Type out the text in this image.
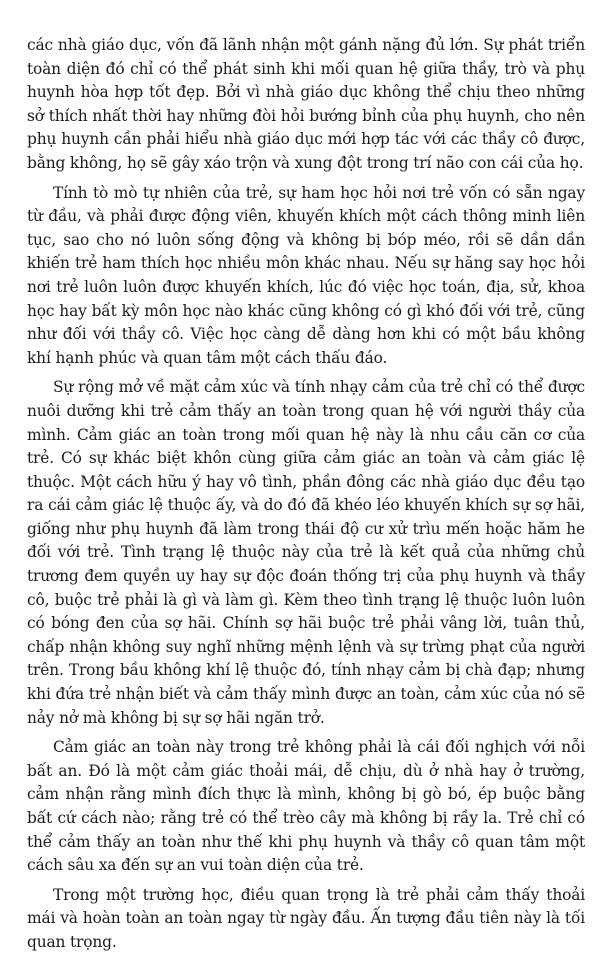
các nhà giáo dục, vốn đã lãnh nhận một gánh nặng đủ lớn. Sự phát triển toàn diện đó chỉ có thể phát sinh khi mối quan hệ giữa thầy, trò và phụ huynh hòa hợp tốt đẹp. Bởi vì nhà giáo dục không thể chịu theo những sở thích nhất thời hay những đòi hỏi bướng bỉnh của phụ huynh, cho nên phụ huynh cần phải hiểu nhà giáo dục mới hợp tác với các thầy cô được, bằng không, họ sẽ gây xáo trộn và xung đột trong trí não con cái của họ.

Tính tò mò tự nhiên của trẻ, sự ham học hỏi nơi trẻ vốn có sẵn ngay từ đầu, và phải được động viên, khuyến khích một cách thông minh liên tục, sao cho nó luôn sống động và không bị bóp méo, rồi sẽ dần dần khiến trẻ ham thích học nhiều môn khác nhau. Nếu sự hăng say học hỏi nơi trẻ luôn luôn được khuyến khích, lúc đó việc học toán, địa, sử, khoa học hay bất kỳ môn học nào khác cũng không có gì khó đối với trẻ, cũng như đối với thầy cô. Việc học càng dễ dàng hơn khi có một bầu không khí hạnh phúc và quan tâm một cách thấu đáo.

Sự rộng mở về mặt cảm xúc và tính nhạy cảm của trẻ chỉ có thể được nuôi dưỡng khi trẻ cảm thấy an toàn trong quan hệ với người thầy của mình. Cảm giác an toàn trong mối quan hệ này là nhu cầu căn cơ của trẻ. Có sự khác biệt khôn cùng giữa cảm giác an toàn và cảm giác lệ thuộc. Một cách hữu ý hay vô tình, phần đông các nhà giáo dục đều tạo ra cái cảm giác lệ thuộc ấy, và do đó đã khéo léo khuyến khích sự sợ hãi, giống như phụ huynh đã làm trong thái độ cư xử trìu mến hoặc hăm he đối với trẻ. Tình trạng lệ thuộc này của trẻ là kết quả của những chủ trương đem quyền uy hay sự độc đoán thống trị của phụ huynh và thầy cô, buộc trẻ phải là gì và làm gì. Kèm theo tình trạng lệ thuộc luôn luôn có bóng đen của sợ hãi. Chính sợ hãi buộc trẻ phải vâng lời, tuân thủ, chấp nhận không suy nghĩ những mệnh lệnh và sự trừng phạt của người trên. Trong bầu không khí lệ thuộc đó, tính nhạy cảm bị chà đạp; nhưng khi đứa trẻ nhận biết và cảm thấy mình được an toàn, cảm xúc của nó sẽ nảy nở mà không bị sự sợ hãi ngăn trở.

Cảm giác an toàn này trong trẻ không phải là cái đối nghịch với nỗi bất an. Đó là một cảm giác thoải mái, dễ chịu, dù ở nhà hay ở trường, cảm nhận rằng mình đích thực là mình, không bị gò bó, ép buộc bằng bất cứ cách nào; rằng trẻ có thể trèo cây mà không bị rầy la. Trẻ chỉ có thể cảm thấy an toàn như thế khi phụ huynh và thầy cô quan tâm một cách sâu xa đến sự an vui toàn diện của trẻ.

Trong một trường học, điều quan trọng là trẻ phải cảm thấy thoải mái và hoàn toàn an toàn ngay từ ngày đầu. Ấn tượng đầu tiên này là tối quan trọng.
